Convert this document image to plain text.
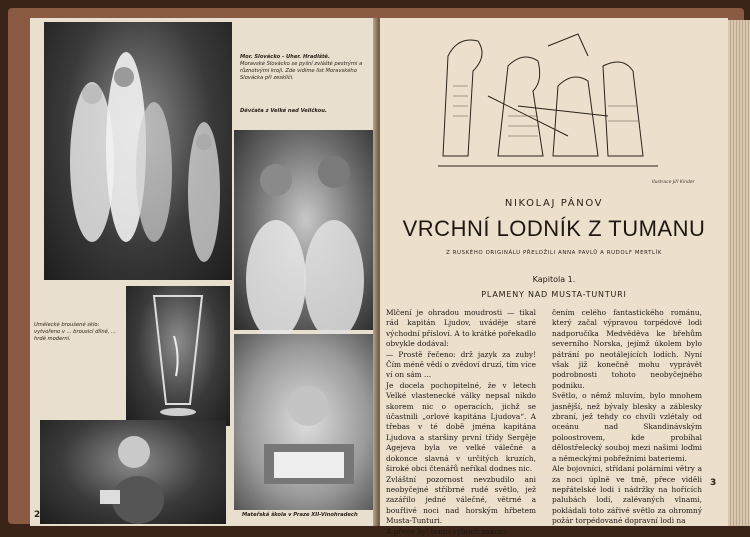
Mor. Slovácko - Uher. Hradiště.
Moravské Slovácko se pyšní zvlášté pestrými a různotvými kroji. Zde vidíme list Moravského Slovácka při zesklíči.
Děvčata z Velké nad Veličkou.
Umělecké broušené sklo: vytvořeno v ... brousicí dílně, ... hrdě moderní.
Mateřská škola v Praze XII-Vinohradech
2
Ilustrace Jiří Kinder
NIKOLAJ PÁNOV
VRCHNÍ LODNÍK Z TUMANU
Z RUSKÉHO ORIGINÁLU PŘELOŽILI ANNA PAVLŮ A RUDOLF MERTLÍK
Kapitola 1.
PLAMENY NAD MUSTA-TUNTURI
Mlčení je ohradou moudrosti — tikal rád kapitán Ljudov, uváděje staré východní přísloví. A to krátké pořekadlo obvykle dodával:
— Prostě řečeno: drž jazyk za zuby! Čím méně vědí o zvědoví druzí, tím více ví on sám ...
Je docela pochopitelné, že v letech Velké vlastenecké války nepsal nikdo skorem nic o operacích, jichž se účastnili „orlové kapitána Ljudova“. A třebas v té době jména kapitána Ljudova a staršiny první třídy Sergěje Agejeva byla ve velké válečné a dokonce slavná v určitých kruzích, široké obci čtenářů neříkal dodnes nic.
Zvláštní pozornost nevzbudilo ani neobyčejné stříbrné rudé světlo, jež zazářilo jedné válečné, větrné a bouřlivé noci nad horským hřbetem Musta-Tunturi.
A přece byl tento výbuch zakon-
čením celého fantastického románu, který začal výpravou torpédové lodi nadporučíka Medvěděva ke břehům severního Norska, jejímž úkolem bylo pátrání po neotálejících lodích. Nyní však již konečně mohu vyprávět podrobnosti tohoto neobyčejného podniku.
Světlo, o němž mluvím, bylo mnohem jasnější, než bývaly blesky a záblesky zbraní, jež tehdy co chvíli vzlétaly od oceánu nad Skandinávským poloostrovem, kde probíhal dělostřelecký souboj mezi našimi loďmi a německými pobřežními bateriemi.
Ale bojovníci, střídaní polárními větry a za noci úplně ve tmě, přece viděli nepřátelské lodi i nádržky na hořících palubách lodí, zalévaných vlnami, pokládali toto zářivé světlo za ohromný požár torpédované dopravní lodi na
3
